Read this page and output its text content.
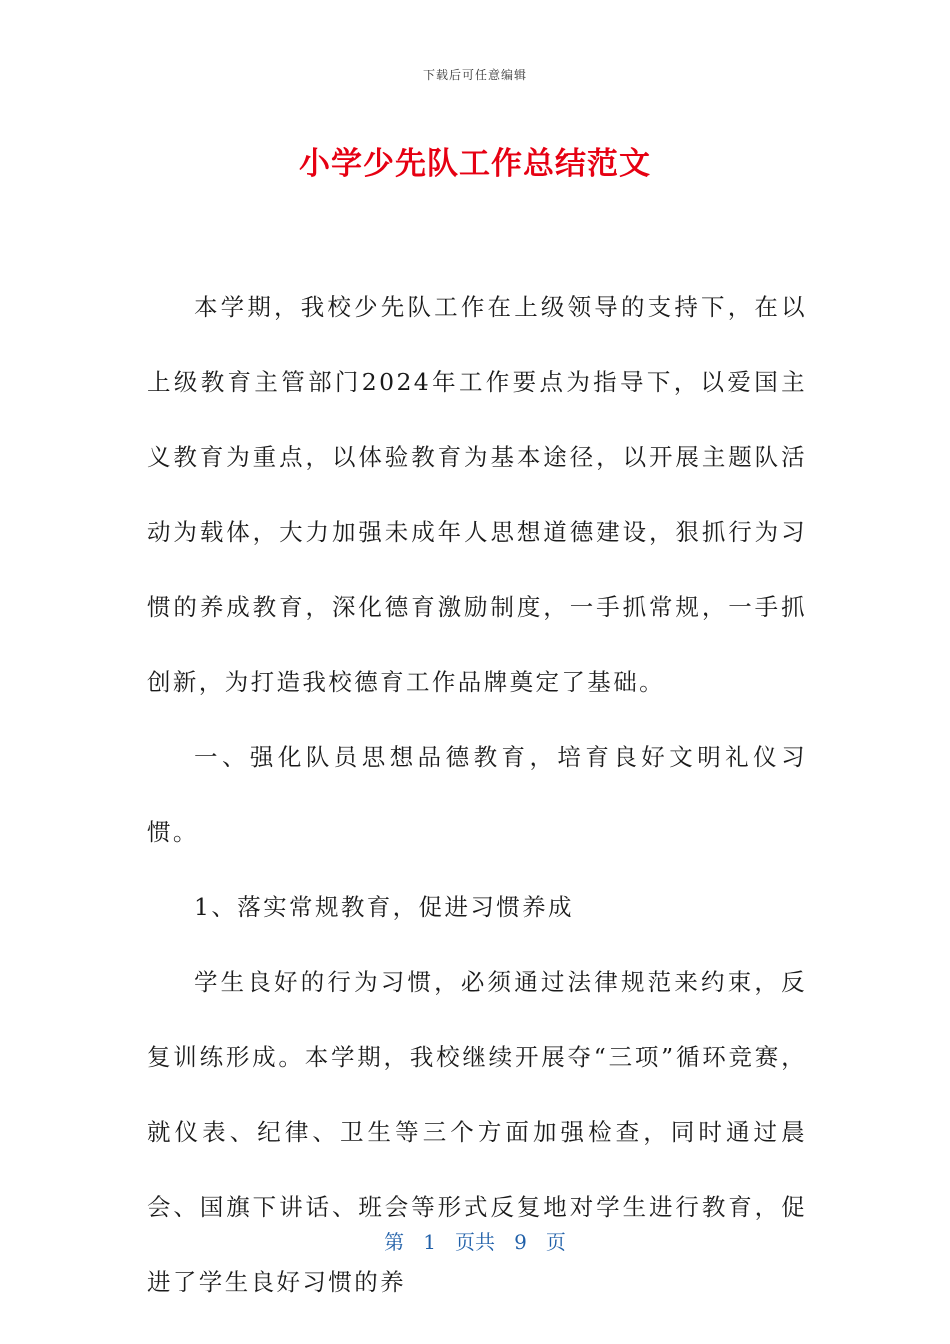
下载后可任意编辑
小学少先队工作总结范文

本学期，我校少先队工作在上级领导的支持下，在以上级教育主管部门2024年工作要点为指导下，以爱国主义教育为重点，以体验教育为基本途径，以开展主题队活动为载体，大力加强未成年人思想道德建设，狠抓行为习惯的养成教育，深化德育激励制度，一手抓常规，一手抓创新，为打造我校德育工作品牌奠定了基础。

一、强化队员思想品德教育，培育良好文明礼仪习惯。

1、落实常规教育，促进习惯养成

学生良好的行为习惯，必须通过法律规范来约束，反复训练形成。本学期，我校继续开展夺“三项”循环竞赛，就仪表、纪律、卫生等三个方面加强检查，同时通过晨会、国旗下讲话、班会等形式反复地对学生进行教育，促进了学生良好习惯的养

第 1 页共 9 页
